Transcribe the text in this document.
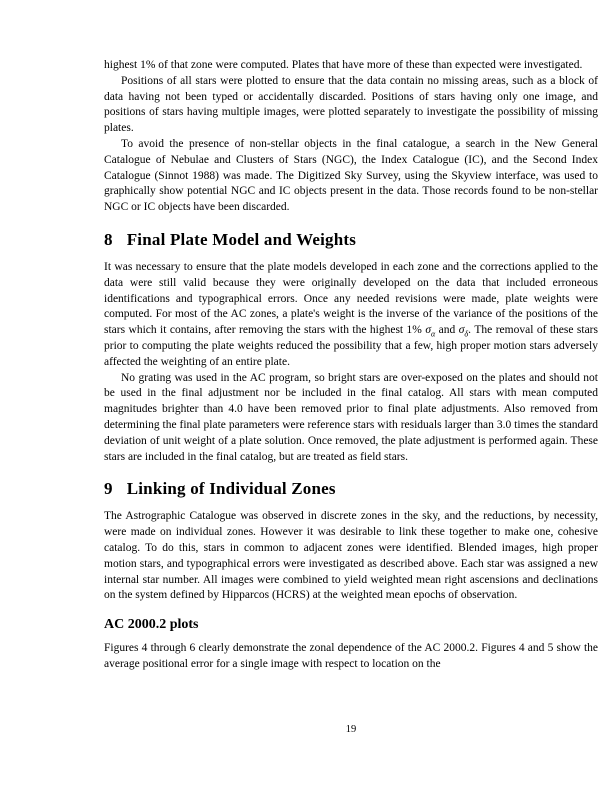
highest 1% of that zone were computed. Plates that have more of these than expected were investigated.

Positions of all stars were plotted to ensure that the data contain no missing areas, such as a block of data having not been typed or accidentally discarded. Positions of stars having only one image, and positions of stars having multiple images, were plotted separately to investigate the possibility of missing plates.

To avoid the presence of non-stellar objects in the final catalogue, a search in the New General Catalogue of Nebulae and Clusters of Stars (NGC), the Index Catalogue (IC), and the Second Index Catalogue (Sinnot 1988) was made. The Digitized Sky Survey, using the Skyview interface, was used to graphically show potential NGC and IC objects present in the data. Those records found to be non-stellar NGC or IC objects have been discarded.

8 Final Plate Model and Weights

It was necessary to ensure that the plate models developed in each zone and the corrections applied to the data were still valid because they were originally developed on the data that included erroneous identifications and typographical errors. Once any needed revisions were made, plate weights were computed. For most of the AC zones, a plate's weight is the inverse of the variance of the positions of the stars which it contains, after removing the stars with the highest 1% $\sigma_\alpha$ and $\sigma_\delta$. The removal of these stars prior to computing the plate weights reduced the possibility that a few, high proper motion stars adversely affected the weighting of an entire plate.

No grating was used in the AC program, so bright stars are over-exposed on the plates and should not be used in the final adjustment nor be included in the final catalog. All stars with mean computed magnitudes brighter than 4.0 have been removed prior to final plate adjustments. Also removed from determining the final plate parameters were reference stars with residuals larger than 3.0 times the standard deviation of unit weight of a plate solution. Once removed, the plate adjustment is performed again. These stars are included in the final catalog, but are treated as field stars.

9 Linking of Individual Zones

The Astrographic Catalogue was observed in discrete zones in the sky, and the reductions, by necessity, were made on individual zones. However it was desirable to link these together to make one, cohesive catalog. To do this, stars in common to adjacent zones were identified. Blended images, high proper motion stars, and typographical errors were investigated as described above. Each star was assigned a new internal star number. All images were combined to yield weighted mean right ascensions and declinations on the system defined by Hipparcos (HCRS) at the weighted mean epochs of observation.

AC 2000.2 plots

Figures 4 through 6 clearly demonstrate the zonal dependence of the AC 2000.2. Figures 4 and 5 show the average positional error for a single image with respect to location on the

19
